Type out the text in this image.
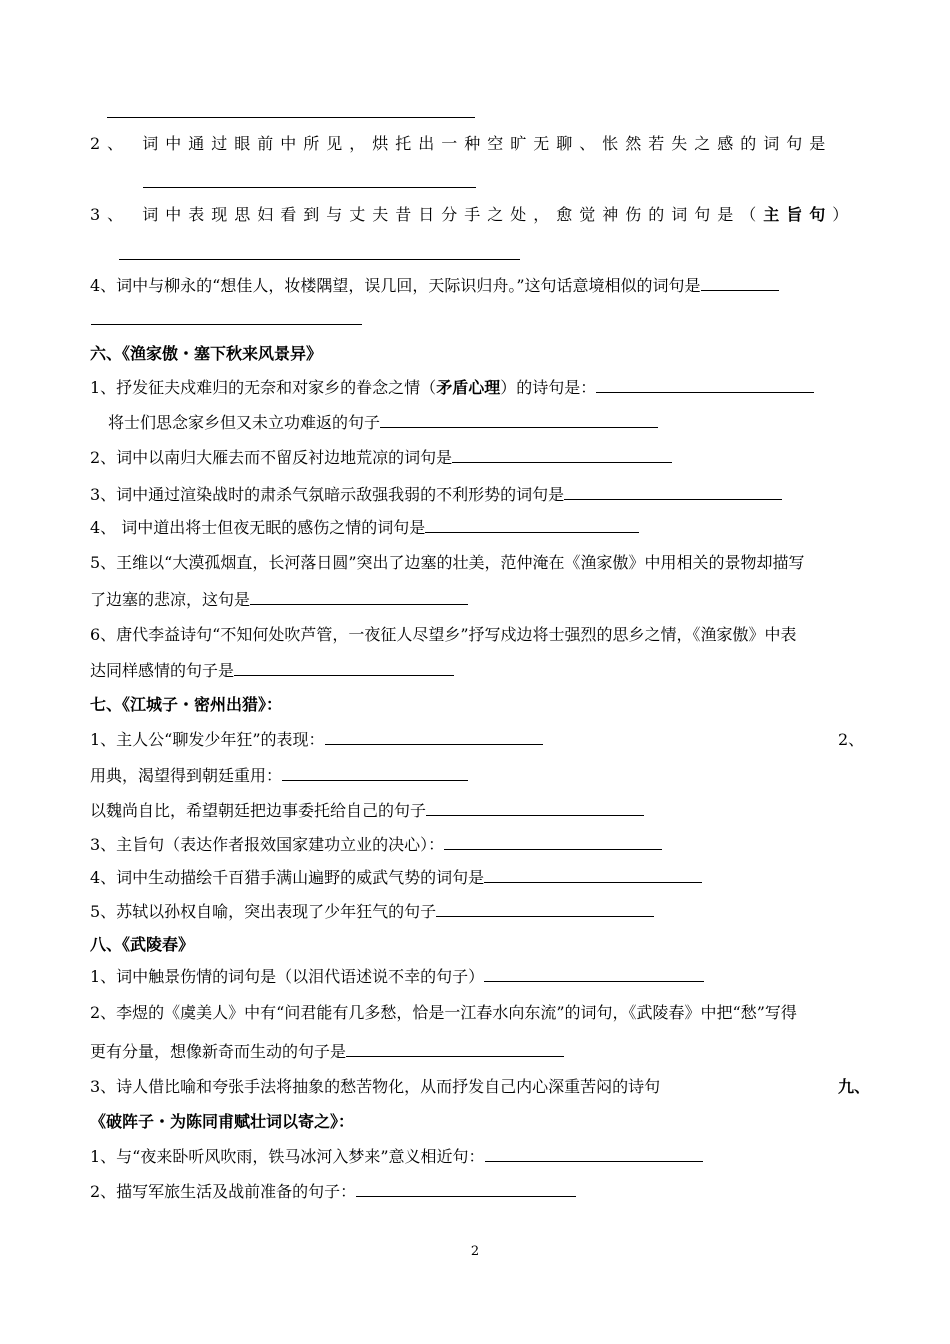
2、 词中通过眼前中所见，烘托出一种空旷无聊、怅然若失之感的词句是
3、 词中表现思妇看到与丈夫昔日分手之处，愈觉神伤的词句是（主旨句）
4、词中与柳永的“想佳人，妆楼隅望，误几回，天际识归舟。”这句话意境相似的词句是
六、《渔家傲・塞下秋来风景异》
1、抒发征夫戍难归的无奈和对家乡的眷念之情（矛盾心理）的诗句是：
将士们思念家乡但又未立功难返的句子
2、词中以南归大雁去而不留反衬边地荒凉的词句是
3、词中通过渲染战时的肃杀气氛暗示敌强我弱的不利形势的词句是
4、 词中道出将士但夜无眠的感伤之情的词句是
5、王维以“大漠孤烟直，长河落日圆”突出了边塞的壮美，范仲淹在《渔家傲》中用相关的景物却描写
了边塞的悲凉，这句是
6、唐代李益诗句“不知何处吹芦管，一夜征人尽望乡”抒写戍边将士强烈的思乡之情，《渔家傲》中表
达同样感情的句子是
七、《江城子・密州出猎》：
1、主人公“聊发少年狂”的表现：	2、
用典，渴望得到朝廷重用：
以魏尚自比，希望朝廷把边事委托给自己的句子
3、主旨句（表达作者报效国家建功立业的决心）：
4、词中生动描绘千百猎手满山遍野的威武气势的词句是
5、苏轼以孙权自喻，突出表现了少年狂气的句子
八、《武陵春》
1、词中触景伤情的词句是（以泪代语述说不幸的句子）
2、李煜的《虞美人》中有“问君能有几多愁，恰是一江春水向东流”的词句，《武陵春》中把“愁”写得
更有分量，想像新奇而生动的句子是
3、诗人借比喻和夸张手法将抽象的愁苦物化，从而抒发自己内心深重苦闷的诗句	九、
《破阵子・为陈同甫赋壮词以寄之》：
1、与“夜来卧听风吹雨，铁马冰河入梦来”意义相近句：
2、描写军旅生活及战前准备的句子：
2
